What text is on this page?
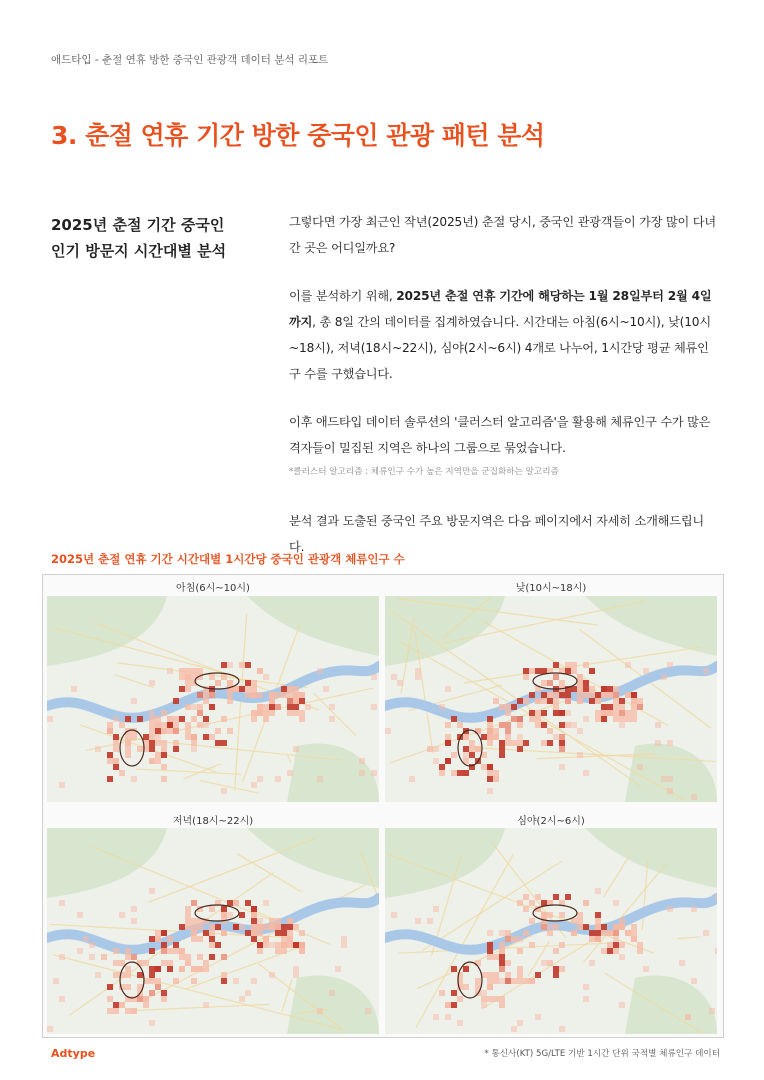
애드타입 - 춘절 연휴 방한 중국인 관광객 데이터 분석 리포트
3. 춘절 연휴 기간 방한 중국인 관광 패턴 분석
2025년 춘절 기간 중국인
인기 방문지 시간대별 분석
그렇다면 가장 최근인 작년(2025년) 춘절 당시, 중국인 관광객들이 가장 많이 다녀 간 곳은 어디일까요?
이를 분석하기 위해, 2025년 춘절 연휴 기간에 해당하는 1월 28일부터 2월 4일까지, 총 8일 간의 데이터를 집계하였습니다. 시간대는 아침(6시~10시), 낮(10시 ~18시), 저녁(18시~22시), 심야(2시~6시) 4개로 나누어, 1시간당 평균 체류인 구 수를 구했습니다.
이후 애드타입 데이터 솔루션의 '클러스터 알고리즘'을 활용해 체류인구 수가 많은 격자들이 밀집된 지역은 하나의 그룹으로 묶었습니다.
*클러스터 알고리즘 : 체류인구 수가 높은 지역만을 군집화하는 알고리즘
분석 결과 도출된 중국인 주요 방문지역은 다음 페이지에서 자세히 소개해드립니다.
2025년 춘절 연휴 기간 시간대별 1시간당 중국인 관광객 체류인구 수
아침(6시~10시)	낮(10시~18시)
저녁(18시~22시)	심야(2시~6시)
Adtype	* 통신사(KT) 5G/LTE 기반 1시간 단위 국적별 체류인구 데이터
